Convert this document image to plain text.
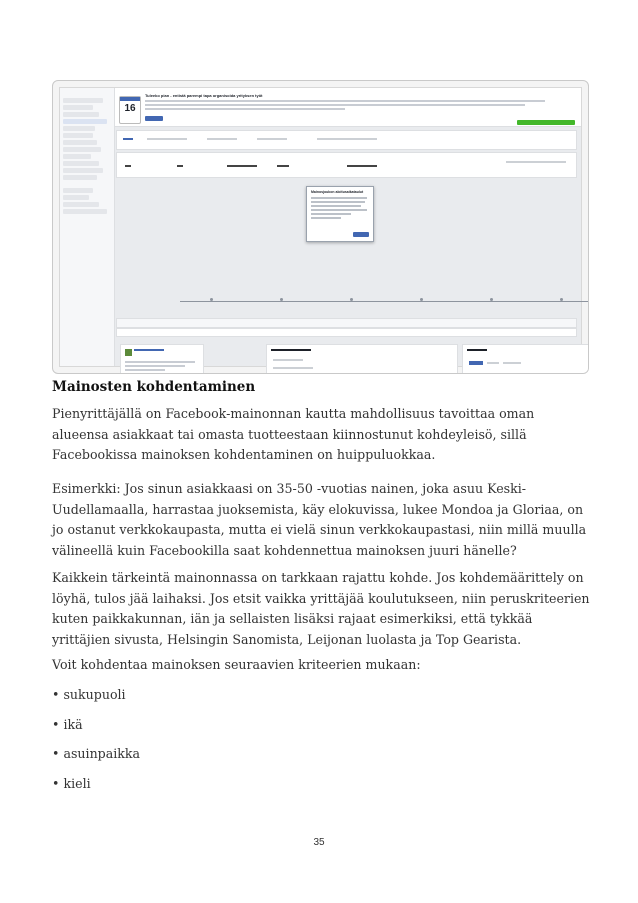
16
Tuleeko pian - entistä parempi tapa organisoida yrityksen työt
Mainosjoukon aloitusaikataulut
Mainosten kohdentaminen

Pienyrittäjällä on Facebook-mainonnan kautta mahdollisuus tavoittaa oman alueensa asiakkaat tai omasta tuotteestaan kiinnostunut kohdeyleisö, sillä Facebookissa mainoksen kohdentaminen on huippuluokkaa.

Esimerkki: Jos sinun asiakkaasi on 35-50 -vuotias nainen, joka asuu Keski-Uudellamaalla, harrastaa juoksemista, käy elokuvissa, lukee Mondoa ja Gloriaa, on jo ostanut verkkokaupasta, mutta ei vielä sinun verkkokaupastasi, niin millä muulla välineellä kuin Facebookilla saat kohdennettua mainoksen juuri hänelle?

Kaikkein tärkeintä mainonnassa on tarkkaan rajattu kohde. Jos kohdemäärittely on löyhä, tulos jää laihaksi. Jos etsit vaikka yrittäjää koulutukseen, niin peruskriteerien kuten paikkakunnan, iän ja sellaisten lisäksi rajaat esimerkiksi, että tykkää yrittäjien sivusta, Helsingin Sanomista, Leijonan luolasta ja Top Gearista.

Voit kohdentaa mainoksen seuraavien kriteerien mukaan:

• sukupuoli
• ikä
• asuinpaikka
• kieli
35
